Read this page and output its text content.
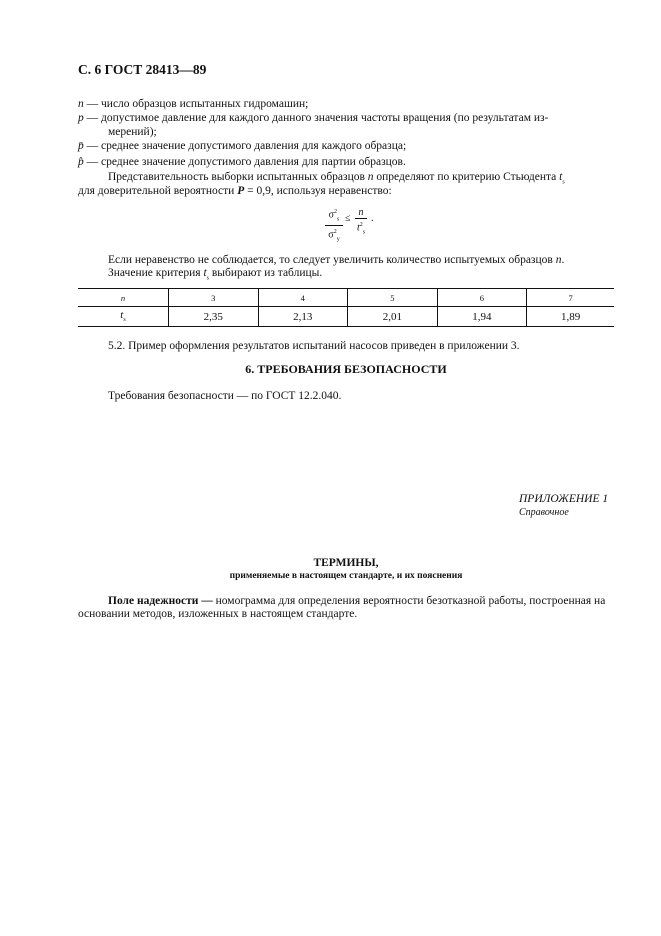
С. 6 ГОСТ 28413—89
n — число образцов испытанных гидромашин;
p — допустимое давление для каждого данного значения частоты вращения (по результатам из-
мерений);
p̄ — среднее значение допустимого давления для каждого образца;
p̂ — среднее значение допустимого давления для партии образцов.
Представительность выборки испытанных образцов n определяют по критерию Стьюдента $t_s$
для доверительной вероятности P = 0,9, используя неравенство:
$\frac{\sigma^2_s}{\sigma^2_y} \le \frac{n}{t^2_s}$ .
Если неравенство не соблюдается, то следует увеличить количество испытуемых образцов n.
Значение критерия $t_s$ выбирают из таблицы.
n	3	4	5	6	7
$t_s$	2,35	2,13	2,01	1,94	1,89
5.2. Пример оформления результатов испытаний насосов приведен в приложении 3.
6. ТРЕБОВАНИЯ БЕЗОПАСНОСТИ
Требования безопасности — по ГОСТ 12.2.040.
ПРИЛОЖЕНИЕ 1
Справочное
ТЕРМИНЫ,
применяемые в настоящем стандарте, и их пояснения
Поле надежности — номограмма для определения вероятности безотказной работы, построенная на
основании методов, изложенных в настоящем стандарте.
